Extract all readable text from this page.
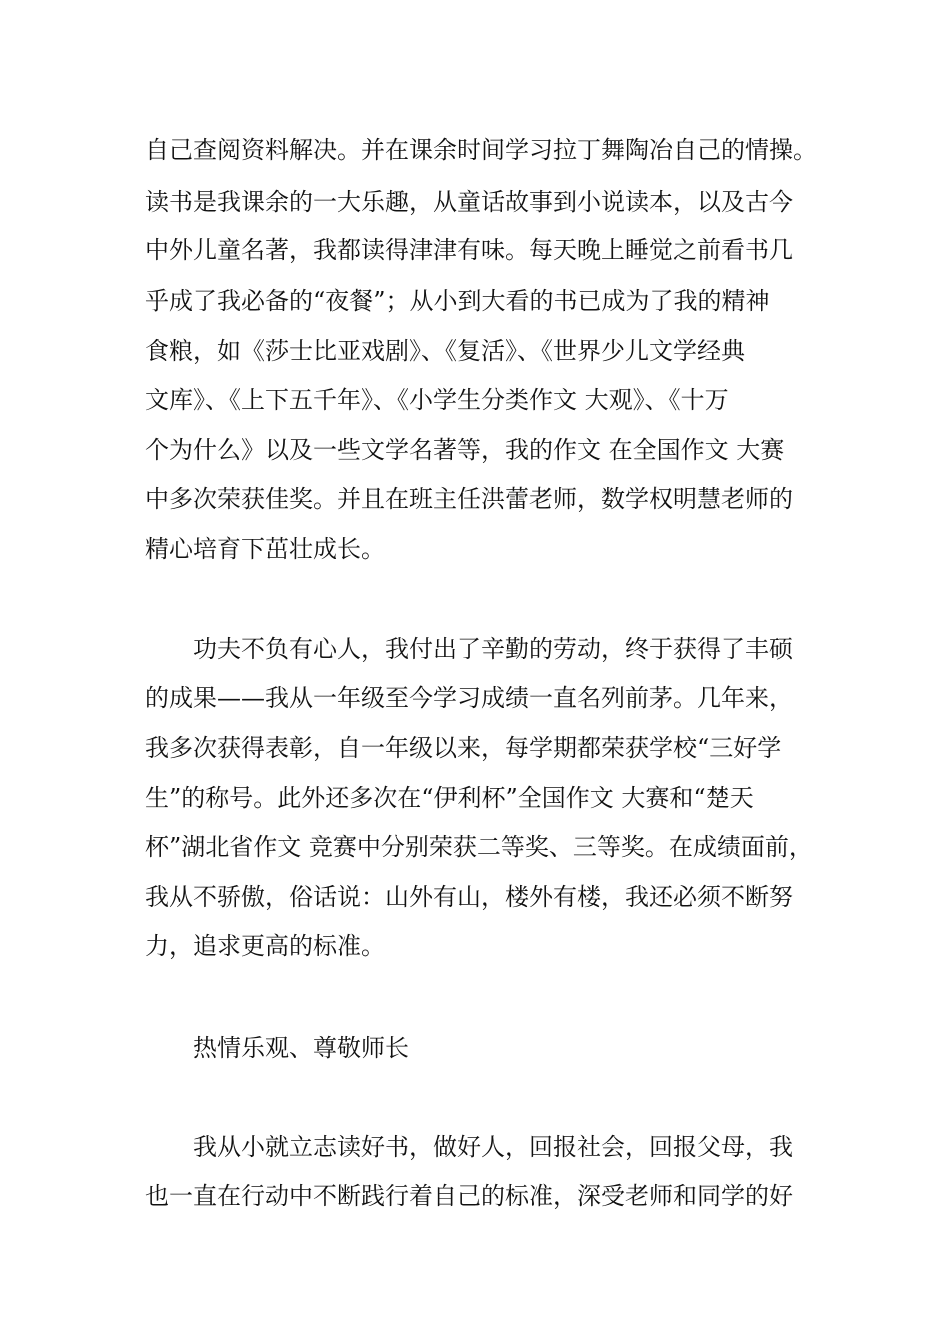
自己查阅资料解决。并在课余时间学习拉丁舞陶冶自己的情操。
读书是我课余的一大乐趣，从童话故事到小说读本，以及古今
中外儿童名著，我都读得津津有味。每天晚上睡觉之前看书几
乎成了我必备的“夜餐”；从小到大看的书已成为了我的精神
食粮，如《莎士比亚戏剧》、《复活》、《世界少儿文学经典
文库》、《上下五千年》、《小学生分类作文 大观》、《十万
个为什么》以及一些文学名著等，我的作文 在全国作文 大赛
中多次荣获佳奖。并且在班主任洪蕾老师，数学权明慧老师的
精心培育下茁壮成长。
功夫不负有心人，我付出了辛勤的劳动，终于获得了丰硕
的成果——我从一年级至今学习成绩一直名列前茅。几年来，
我多次获得表彰，自一年级以来，每学期都荣获学校“三好学
生”的称号。此外还多次在“伊利杯”全国作文 大赛和“楚天
杯”湖北省作文 竞赛中分别荣获二等奖、三等奖。在成绩面前，
我从不骄傲，俗话说：山外有山，楼外有楼，我还必须不断努
力，追求更高的标准。
热情乐观、尊敬师长
我从小就立志读好书，做好人，回报社会，回报父母，我
也一直在行动中不断践行着自己的标准，深受老师和同学的好
